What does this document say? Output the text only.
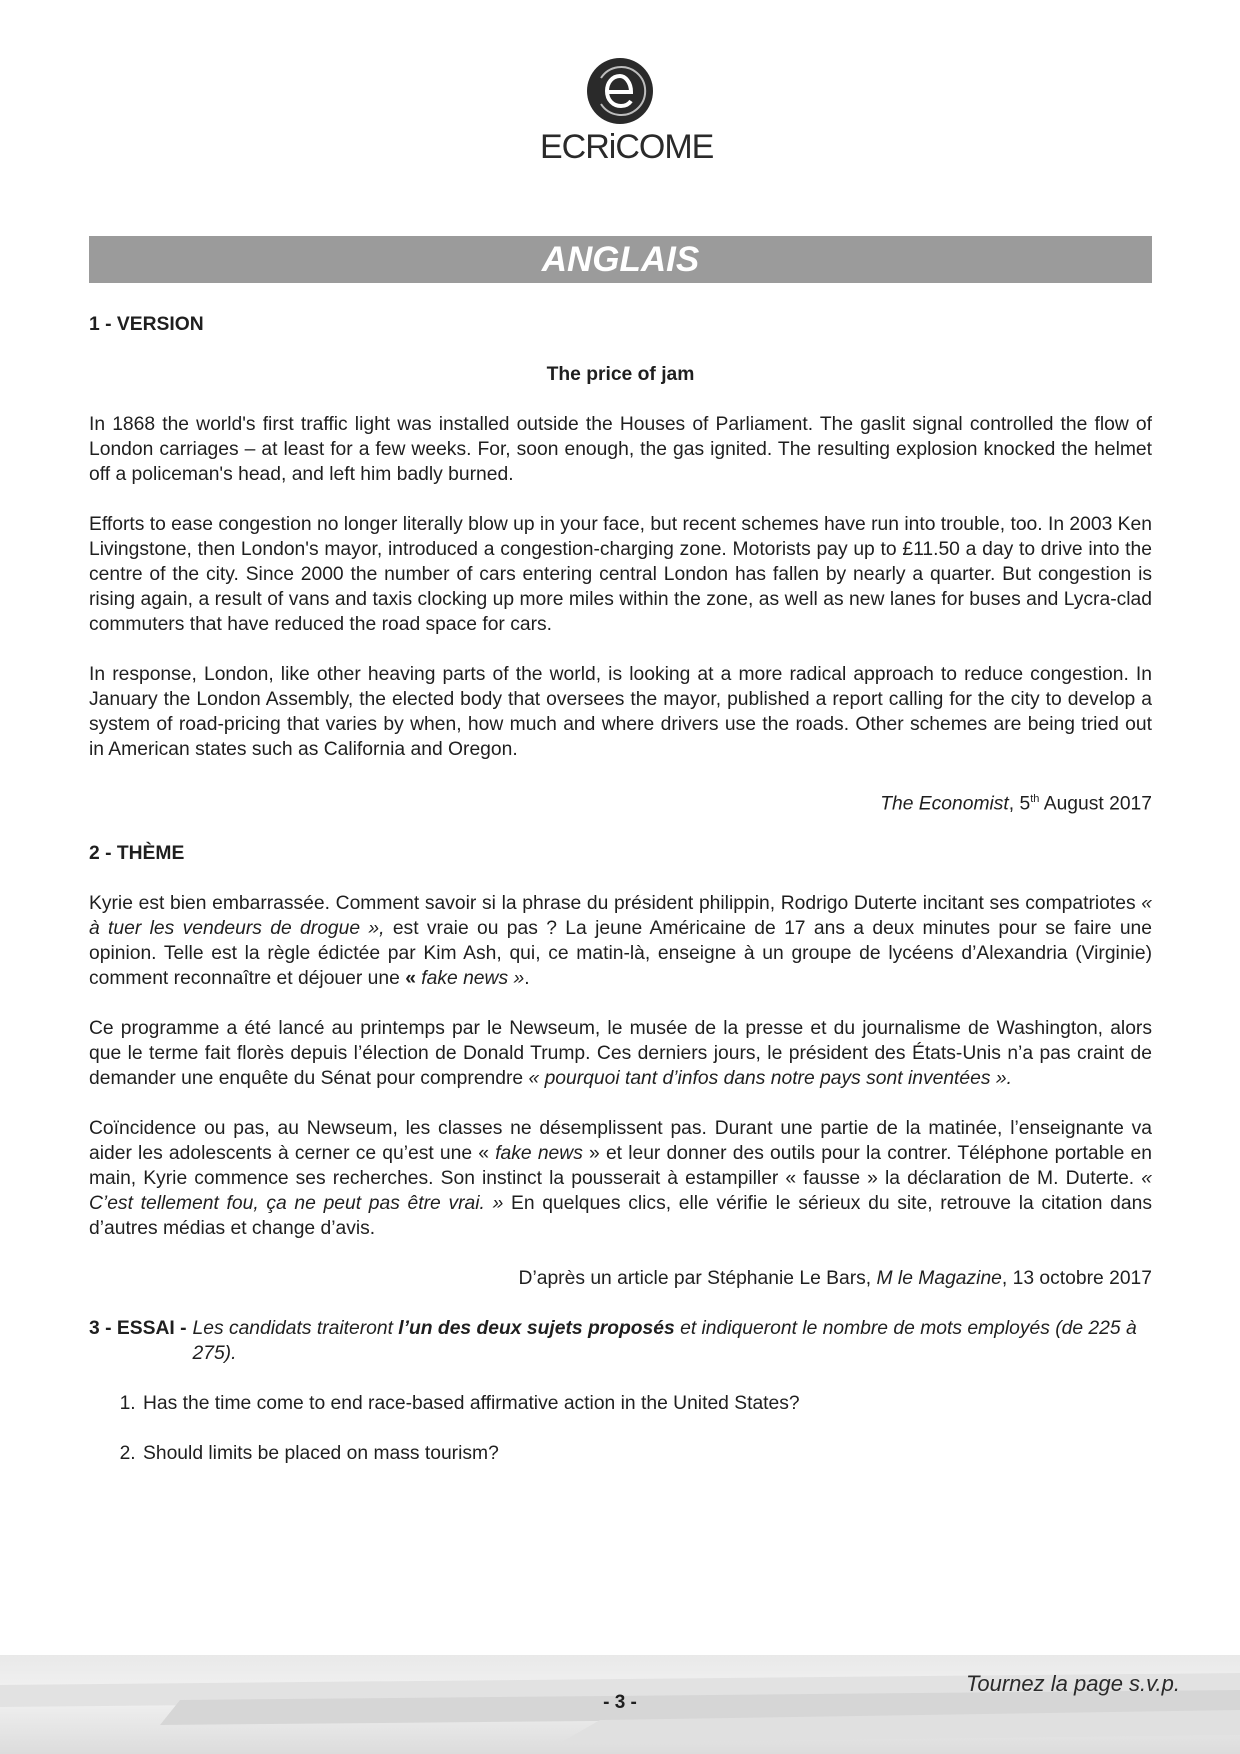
ECRiCOME
ANGLAIS

1 - VERSION

The price of jam

In 1868 the world's first traffic light was installed outside the Houses of Parliament. The gaslit signal controlled the flow of London carriages – at least for a few weeks. For, soon enough, the gas ignited. The resulting explosion knocked the helmet off a policeman's head, and left him badly burned.

Efforts to ease congestion no longer literally blow up in your face, but recent schemes have run into trouble, too. In 2003 Ken Livingstone, then London's mayor, introduced a congestion-charging zone. Motorists pay up to £11.50 a day to drive into the centre of the city. Since 2000 the number of cars entering central London has fallen by nearly a quarter. But congestion is rising again, a result of vans and taxis clocking up more miles within the zone, as well as new lanes for buses and Lycra-clad commuters that have reduced the road space for cars.

In response, London, like other heaving parts of the world, is looking at a more radical approach to reduce congestion. In January the London Assembly, the elected body that oversees the mayor, published a report calling for the city to develop a system of road-pricing that varies by when, how much and where drivers use the roads. Other schemes are being tried out in American states such as California and Oregon.

The Economist, 5th August 2017

2 - THÈME

Kyrie est bien embarrassée. Comment savoir si la phrase du président philippin, Rodrigo Duterte incitant ses compatriotes « à tuer les vendeurs de drogue », est vraie ou pas ? La jeune Américaine de 17 ans a deux minutes pour se faire une opinion. Telle est la règle édictée par Kim Ash, qui, ce matin-là, enseigne à un groupe de lycéens d’Alexandria (Virginie) comment reconnaître et déjouer une « fake news ».

Ce programme a été lancé au printemps par le Newseum, le musée de la presse et du journalisme de Washington, alors que le terme fait florès depuis l’élection de Donald Trump. Ces derniers jours, le président des États-Unis n’a pas craint de demander une enquête du Sénat pour comprendre « pourquoi tant d’infos dans notre pays sont inventées ».

Coïncidence ou pas, au Newseum, les classes ne désemplissent pas. Durant une partie de la matinée, l’enseignante va aider les adolescents à cerner ce qu’est une « fake news » et leur donner des outils pour la contrer. Téléphone portable en main, Kyrie commence ses recherches. Son instinct la pousserait à estampiller « fausse » la déclaration de M. Duterte. « C’est tellement fou, ça ne peut pas être vrai. » En quelques clics, elle vérifie le sérieux du site, retrouve la citation dans d’autres médias et change d’avis.

D’après un article par Stéphanie Le Bars, M le Magazine, 13 octobre 2017

3 - ESSAI - Les candidats traiteront l’un des deux sujets proposés et indiqueront le nombre de mots employés (de 225 à 275).
1. Has the time come to end race-based affirmative action in the United States?
2. Should limits be placed on mass tourism?
Tournez la page s.v.p.
- 3 -
